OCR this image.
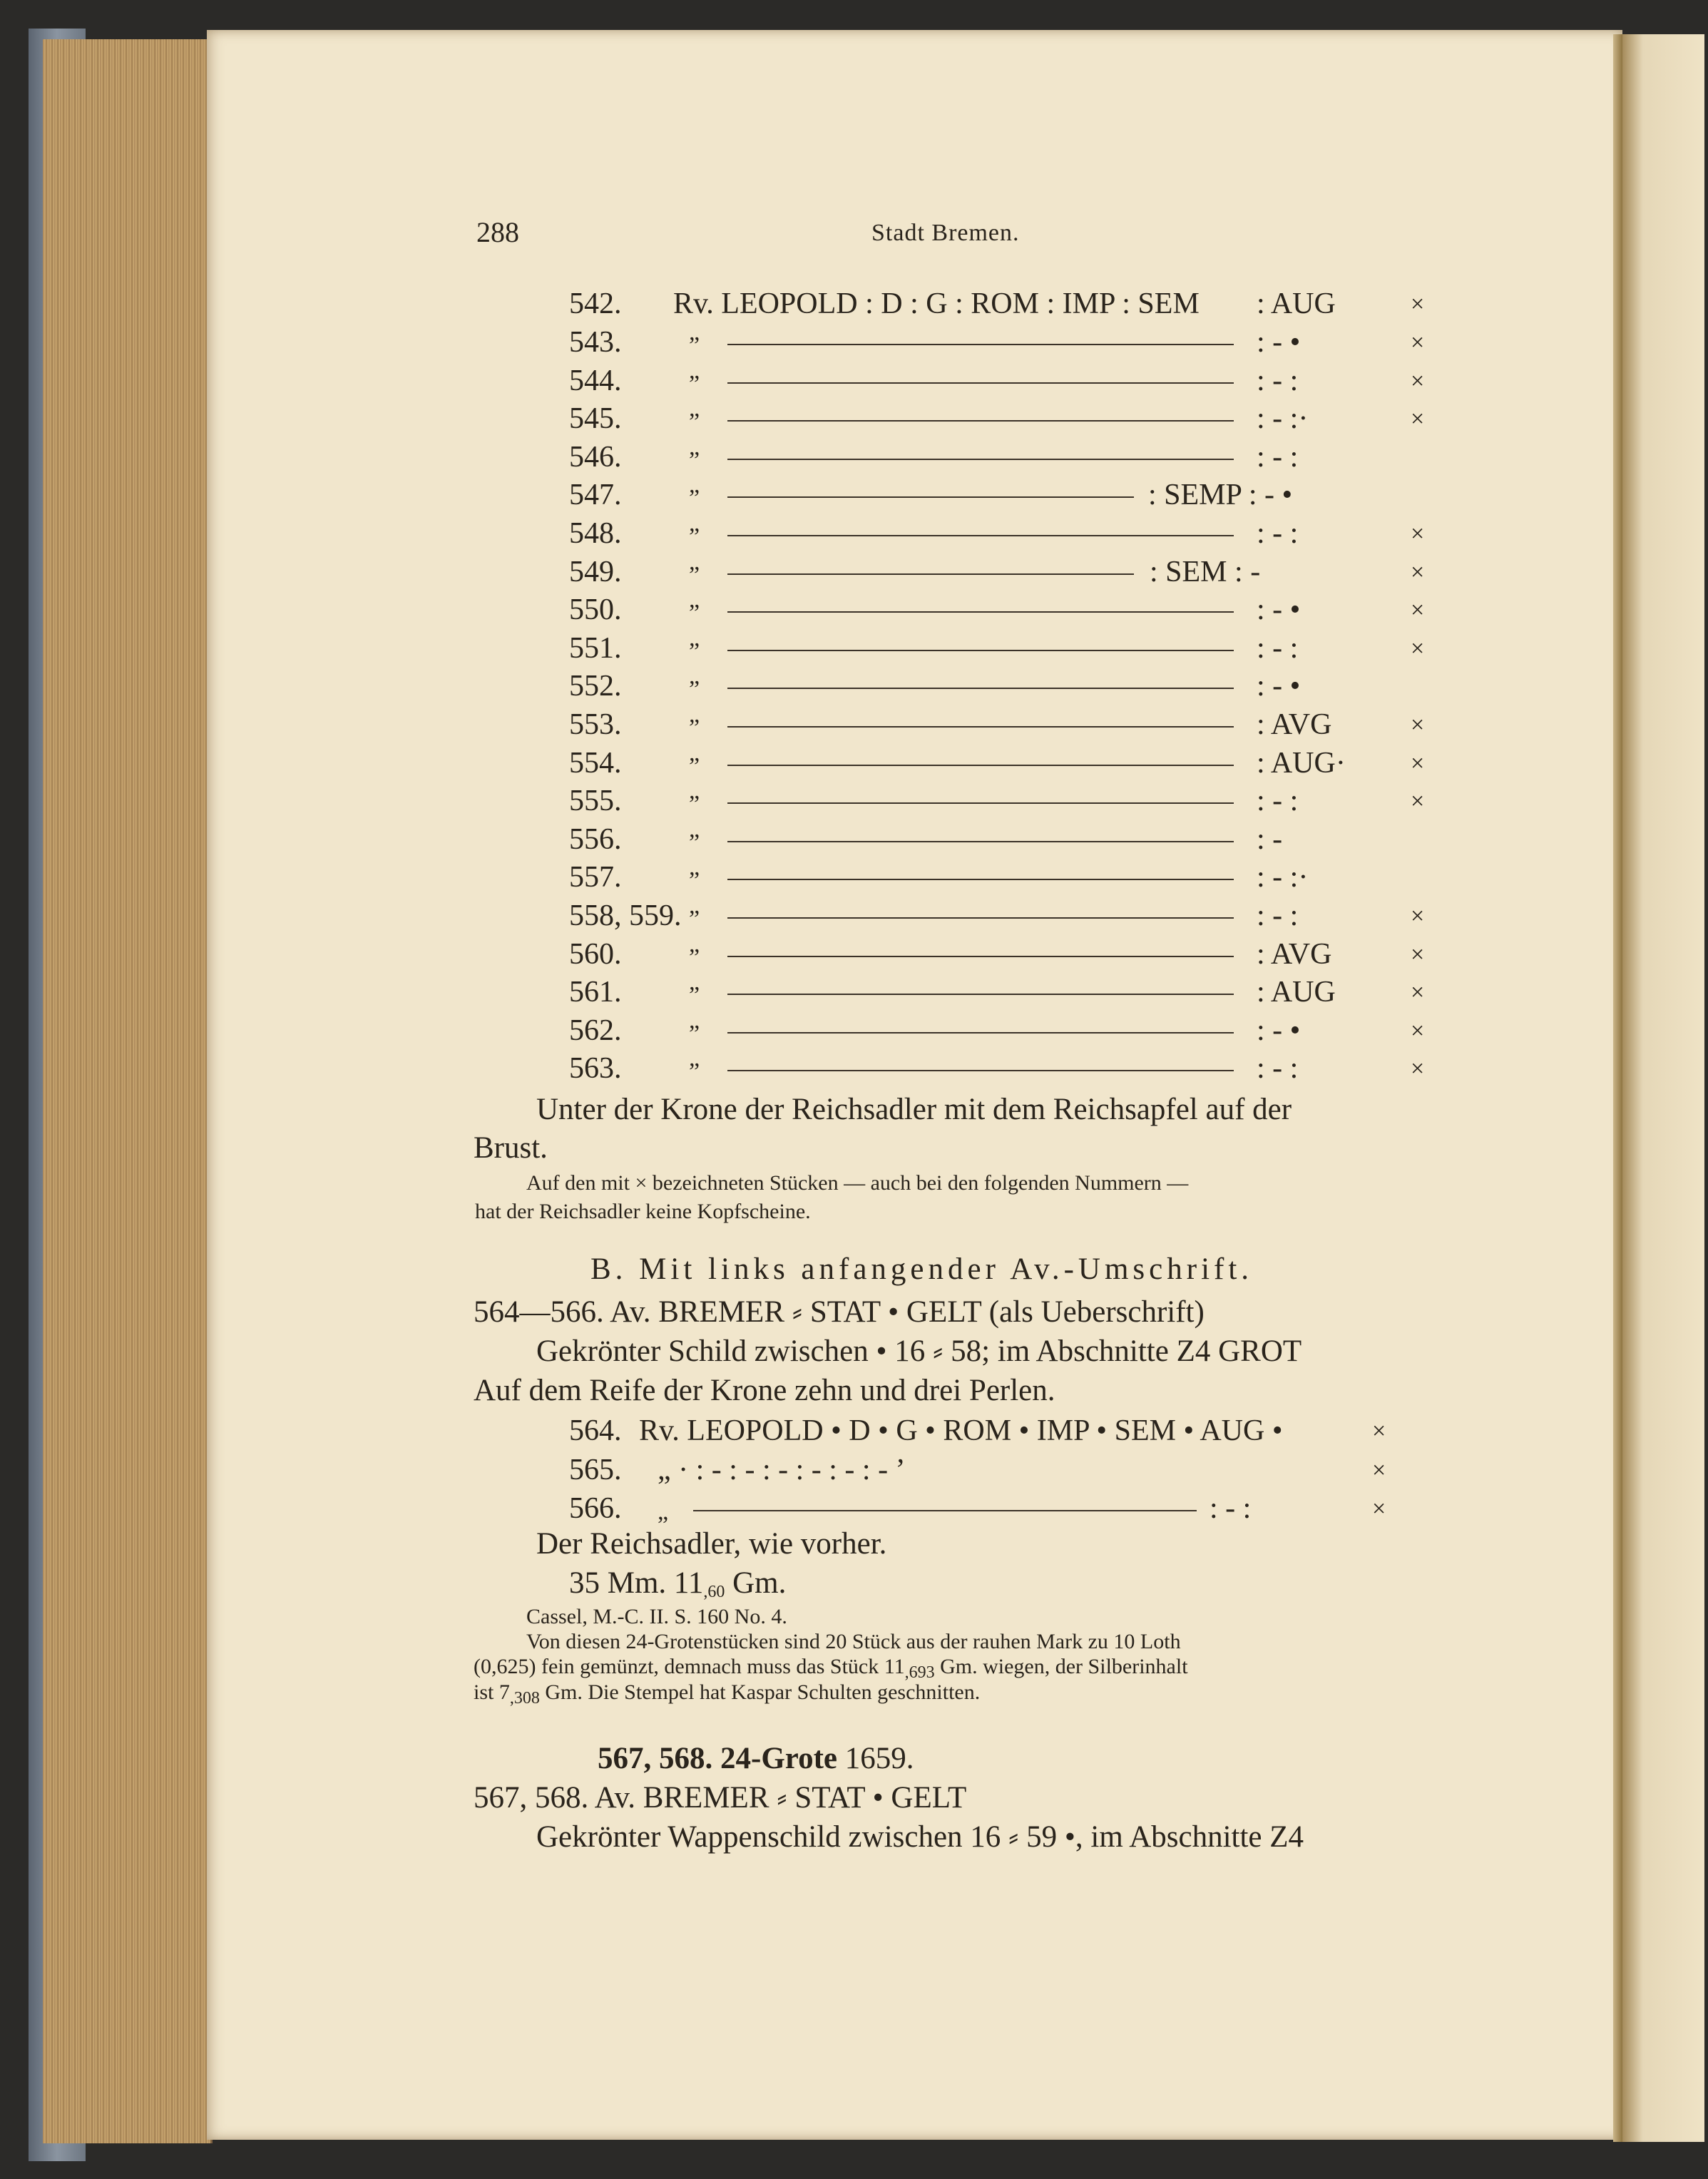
288	Stadt Bremen.
542. Rv. LEOPOLD : D : G : ROM : IMP : SEM : AUG	×
543.	”	: - •	×
544.	”	: - :	×
545.	”	: - :·	×
546.	”	: - :
547.	”	: SEMP : - •
548.	”	: - :	×
549.	”	: SEM : -	×
550.	”	: - •	×
551.	”	: - :	×
552.	”	: - •
553.	”	: AVG	×
554.	”	: AUG·	×
555.	”	: - :	×
556.	”	: -
557.	”	: - :·
558, 559. ”	: - :	×
560.	”	: AVG	×
561.	”	: AUG	×
562.	”	: - •	×
563.	”	: - :	×
Unter der Krone der Reichsadler mit dem Reichsapfel auf der
Brust.
Auf den mit × bezeichneten Stücken — auch bei den folgenden Nummern —
hat der Reichsadler keine Kopfscheine.
B. Mit links anfangender Av.-Umschrift.
564—566. Av. BREMER ⸗ STAT • GELT (als Ueberschrift)
Gekrönter Schild zwischen • 16 ⸗ 58; im Abschnitte Z4 GROT
Auf dem Reife der Krone zehn und drei Perlen.
564. Rv. LEOPOLD • D • G • ROM • IMP • SEM • AUG •	×
565. „ · : - : - : - : - : - : - ’	×
566. „	: - :	×
Der Reichsadler, wie vorher.
35 Mm. $11_{,60}$ Gm.
Cassel, M.-C. II. S. 160 No. 4.
Von diesen 24-Grotenstücken sind 20 Stück aus der rauhen Mark zu 10 Loth
(0,625) fein gemünzt, demnach muss das Stück $11_{,693}$ Gm. wiegen, der Silberinhalt
ist $7_{,308}$ Gm. Die Stempel hat Kaspar Schulten geschnitten.
567, 568. 24-Grote 1659.
567, 568. Av. BREMER ⸗ STAT • GELT
Gekrönter Wappenschild zwischen 16 ⸗ 59 •, im Abschnitte Z4
